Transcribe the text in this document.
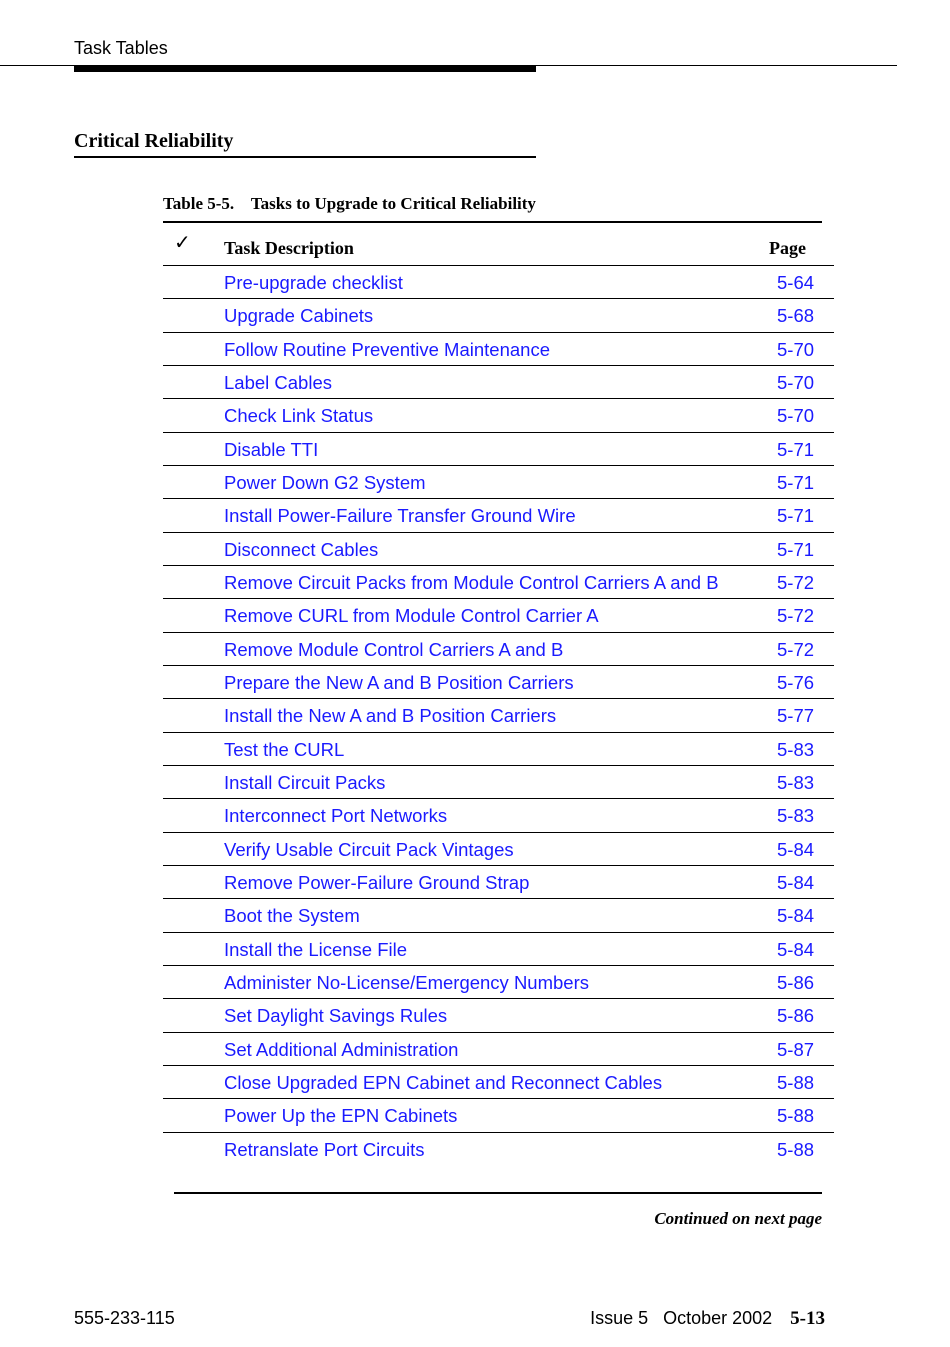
Task Tables
Critical Reliability
Table 5-5.    Tasks to Upgrade to Critical Reliability
✓ Task Description	Page
Pre-upgrade checklist	5-64
Upgrade Cabinets	5-68
Follow Routine Preventive Maintenance	5-70
Label Cables	5-70
Check Link Status	5-70
Disable TTI	5-71
Power Down G2 System	5-71
Install Power-Failure Transfer Ground Wire	5-71
Disconnect Cables	5-71
Remove Circuit Packs from Module Control Carriers A and B	5-72
Remove CURL from Module Control Carrier A	5-72
Remove Module Control Carriers A and B	5-72
Prepare the New A and B Position Carriers	5-76
Install the New A and B Position Carriers	5-77
Test the CURL	5-83
Install Circuit Packs	5-83
Interconnect Port Networks	5-83
Verify Usable Circuit Pack Vintages	5-84
Remove Power-Failure Ground Strap	5-84
Boot the System	5-84
Install the License File	5-84
Administer No-License/Emergency Numbers	5-86
Set Daylight Savings Rules	5-86
Set Additional Administration	5-87
Close Upgraded EPN Cabinet and Reconnect Cables	5-88
Power Up the EPN Cabinets	5-88
Retranslate Port Circuits	5-88
Continued on next page
555-233-115	Issue 5   October 2002 5-13
